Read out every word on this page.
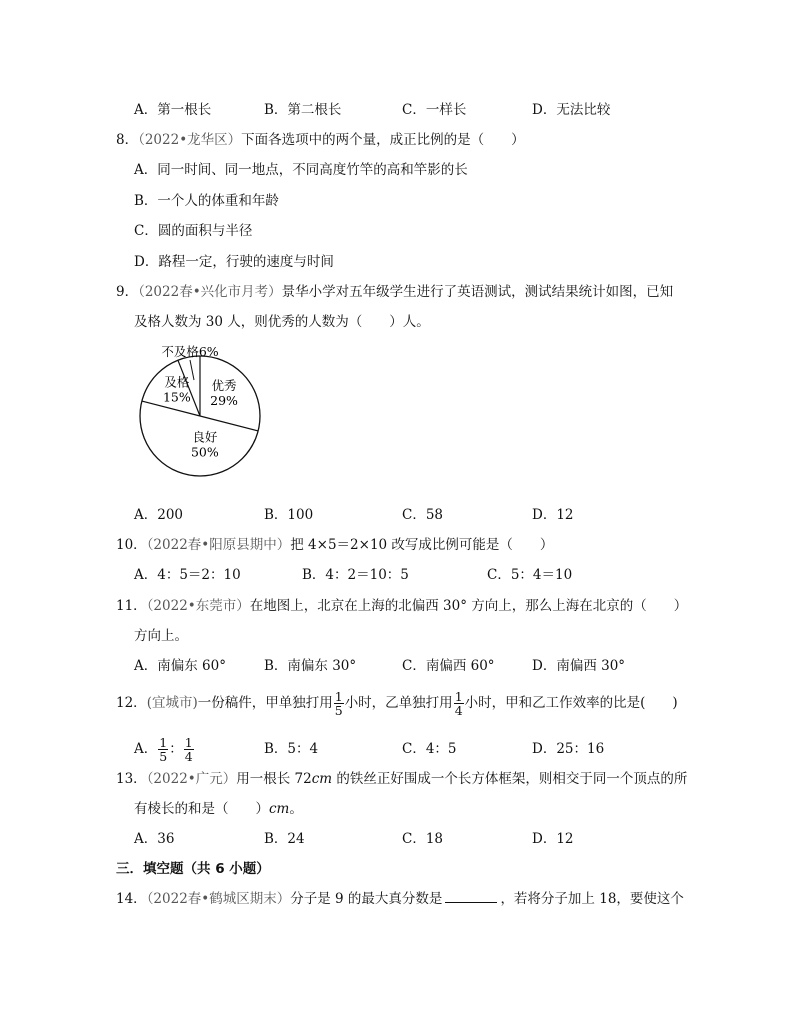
A．第一根长	B．第二根长	C．一样长	D．无法比较
8．（2022•龙华区）下面各选项中的两个量，成正比例的是（　　）
A．同一时间、同一地点，不同高度竹竿的高和竿影的长
B．一个人的体重和年龄
C．圆的面积与半径
D．路程一定，行驶的速度与时间
9．（2022春•兴化市月考）景华小学对五年级学生进行了英语测试，测试结果统计如图，已知
及格人数为 30 人，则优秀的人数为（　　）人。
优秀
29%
良好
50%
及格
15%
不及格6%
A．200	B．100	C．58	D．12
10．（2022春•阳原县期中）把 4×5＝2×10 改写成比例可能是（　　）
A．4：5＝2：10	B．4：2＝10：5	C．5：4＝10
11．（2022•东莞市）在地图上，北京在上海的北偏西 30° 方向上，那么上海在北京的（　　）
方向上。
A．南偏东 60°	B．南偏东 30°	C．南偏西 60°	D．南偏西 30°
12．(宜城市)一份稿件，甲单独打用 $\frac{1}{5}$ 小时，乙单独打用 $\frac{1}{4}$ 小时，甲和乙工作效率的比是(　　)
A． $\frac{1}{5}$ ： $\frac{1}{4}$	B．5：4	C．4：5	D．25：16
13．（2022•广元）用一根长 72cm 的铁丝正好围成一个长方体框架，则相交于同一个顶点的所
有棱长的和是（　　）cm。
A．36	B．24	C．18	D．12
三．填空题（共 6 小题）
14．（2022春•鹤城区期末）分子是 9 的最大真分数是	，若将分子加上 18，要使这个
